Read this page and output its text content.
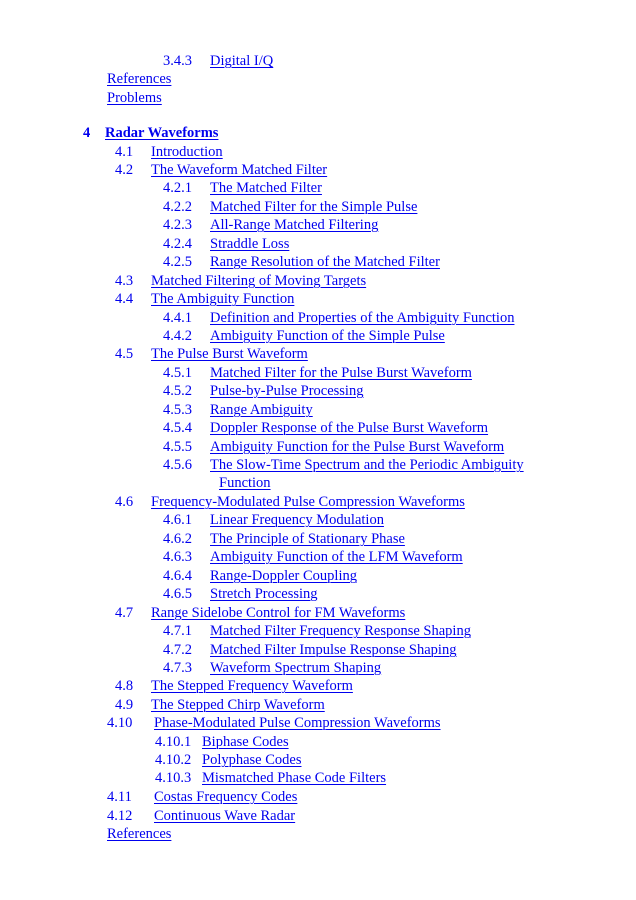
3.4.3 Digital I/Q
References
Problems
4 Radar Waveforms
4.1 Introduction
4.2 The Waveform Matched Filter
4.2.1 The Matched Filter
4.2.2 Matched Filter for the Simple Pulse
4.2.3 All-Range Matched Filtering
4.2.4 Straddle Loss
4.2.5 Range Resolution of the Matched Filter
4.3 Matched Filtering of Moving Targets
4.4 The Ambiguity Function
4.4.1 Definition and Properties of the Ambiguity Function
4.4.2 Ambiguity Function of the Simple Pulse
4.5 The Pulse Burst Waveform
4.5.1 Matched Filter for the Pulse Burst Waveform
4.5.2 Pulse-by-Pulse Processing
4.5.3 Range Ambiguity
4.5.4 Doppler Response of the Pulse Burst Waveform
4.5.5 Ambiguity Function for the Pulse Burst Waveform
4.5.6 The Slow-Time Spectrum and the Periodic Ambiguity
Function
4.6 Frequency-Modulated Pulse Compression Waveforms
4.6.1 Linear Frequency Modulation
4.6.2 The Principle of Stationary Phase
4.6.3 Ambiguity Function of the LFM Waveform
4.6.4 Range-Doppler Coupling
4.6.5 Stretch Processing
4.7 Range Sidelobe Control for FM Waveforms
4.7.1 Matched Filter Frequency Response Shaping
4.7.2 Matched Filter Impulse Response Shaping
4.7.3 Waveform Spectrum Shaping
4.8 The Stepped Frequency Waveform
4.9 The Stepped Chirp Waveform
4.10 Phase-Modulated Pulse Compression Waveforms
4.10.1 Biphase Codes
4.10.2 Polyphase Codes
4.10.3 Mismatched Phase Code Filters
4.11 Costas Frequency Codes
4.12 Continuous Wave Radar
References
